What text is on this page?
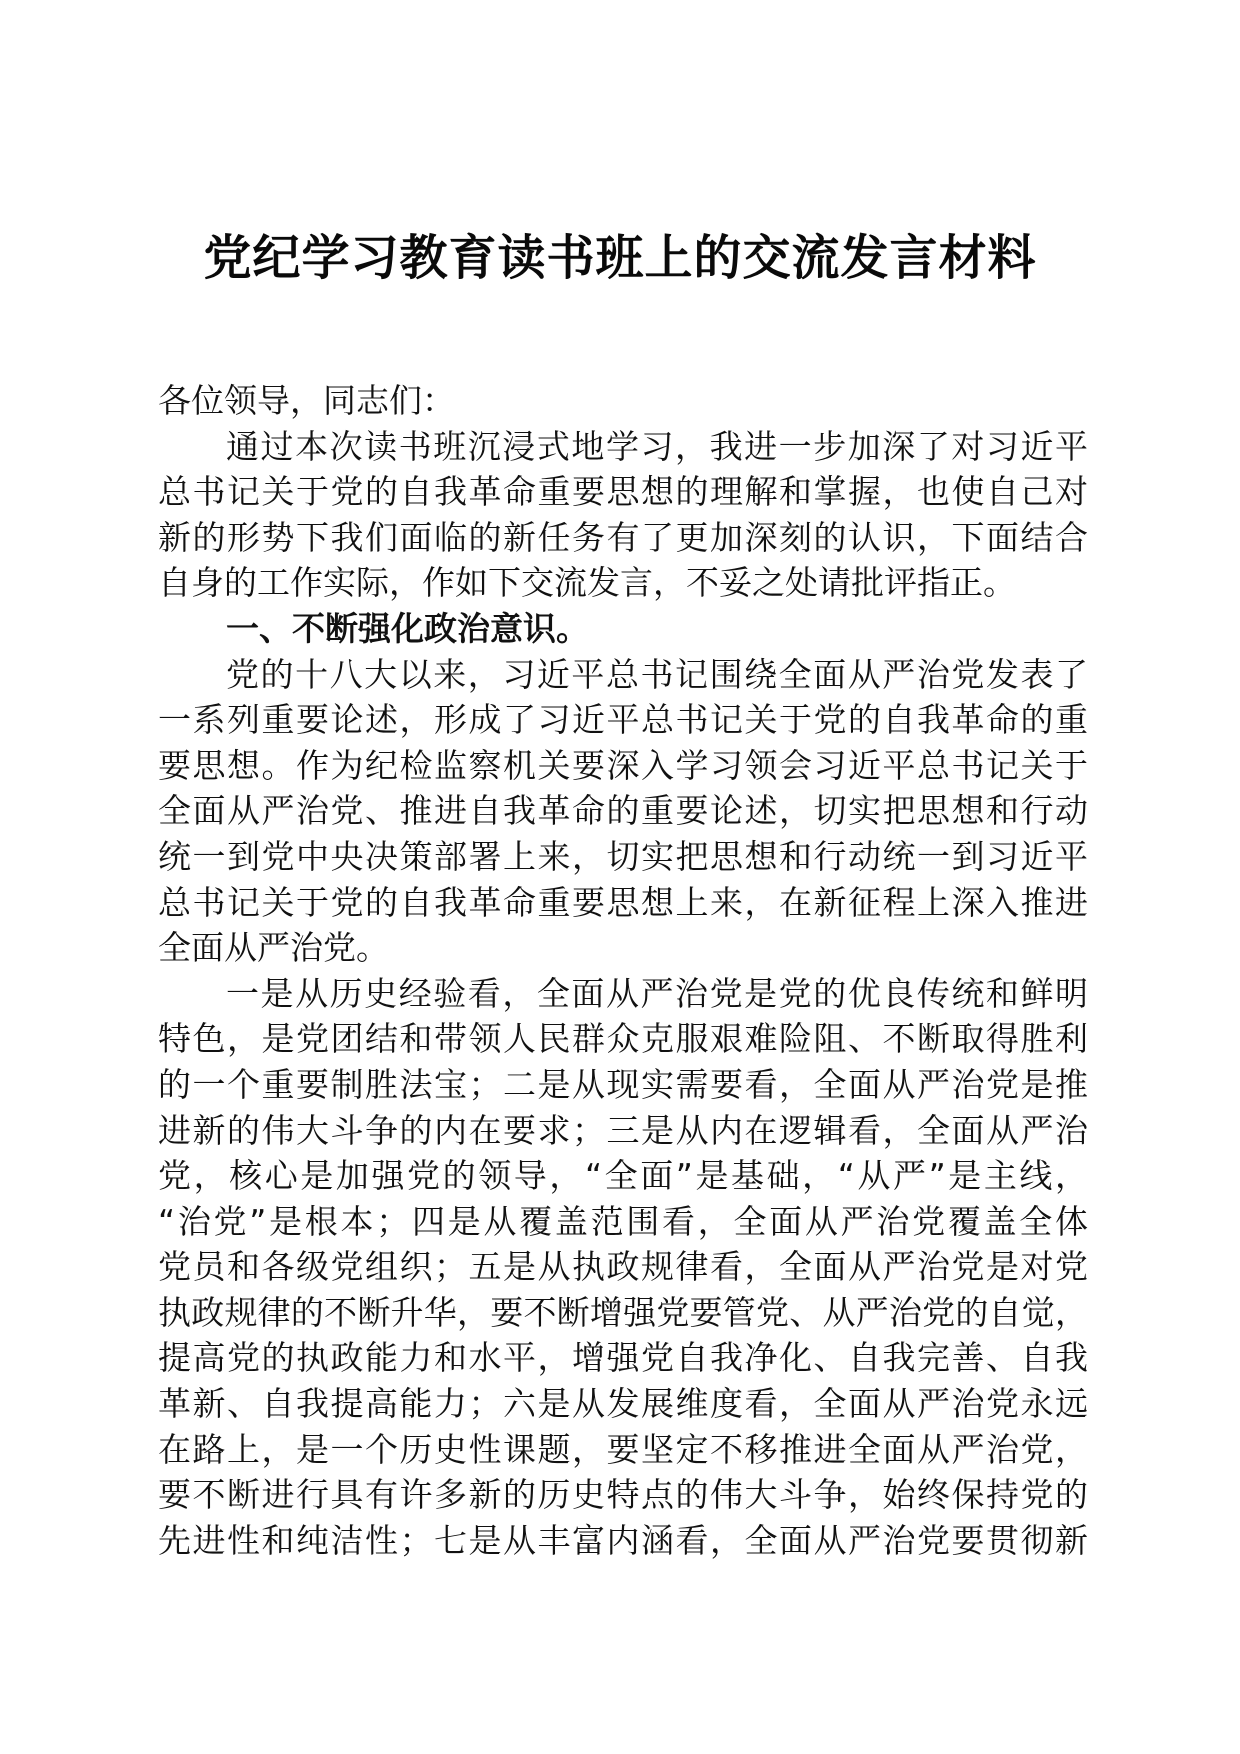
党纪学习教育读书班上的交流发言材料
各位领导，同志们：

通过本次读书班沉浸式地学习，我进一步加深了对习近平
总书记关于党的自我革命重要思想的理解和掌握，也使自己对
新的形势下我们面临的新任务有了更加深刻的认识，下面结合
自身的工作实际，作如下交流发言，不妥之处请批评指正。

一、不断强化政治意识。

党的十八大以来，习近平总书记围绕全面从严治党发表了
一系列重要论述，形成了习近平总书记关于党的自我革命的重
要思想。作为纪检监察机关要深入学习领会习近平总书记关于
全面从严治党、推进自我革命的重要论述，切实把思想和行动
统一到党中央决策部署上来，切实把思想和行动统一到习近平
总书记关于党的自我革命重要思想上来，在新征程上深入推进
全面从严治党。

一是从历史经验看，全面从严治党是党的优良传统和鲜明
特色，是党团结和带领人民群众克服艰难险阻、不断取得胜利
的一个重要制胜法宝；二是从现实需要看，全面从严治党是推
进新的伟大斗争的内在要求；三是从内在逻辑看，全面从严治
党，核心是加强党的领导，“全面”是基础，“从严”是主线，
“治党”是根本；四是从覆盖范围看，全面从严治党覆盖全体
党员和各级党组织；五是从执政规律看，全面从严治党是对党
执政规律的不断升华，要不断增强党要管党、从严治党的自觉，
提高党的执政能力和水平，增强党自我净化、自我完善、自我
革新、自我提高能力；六是从发展维度看，全面从严治党永远
在路上，是一个历史性课题，要坚定不移推进全面从严治党，
要不断进行具有许多新的历史特点的伟大斗争，始终保持党的
先进性和纯洁性；七是从丰富内涵看，全面从严治党要贯彻新
